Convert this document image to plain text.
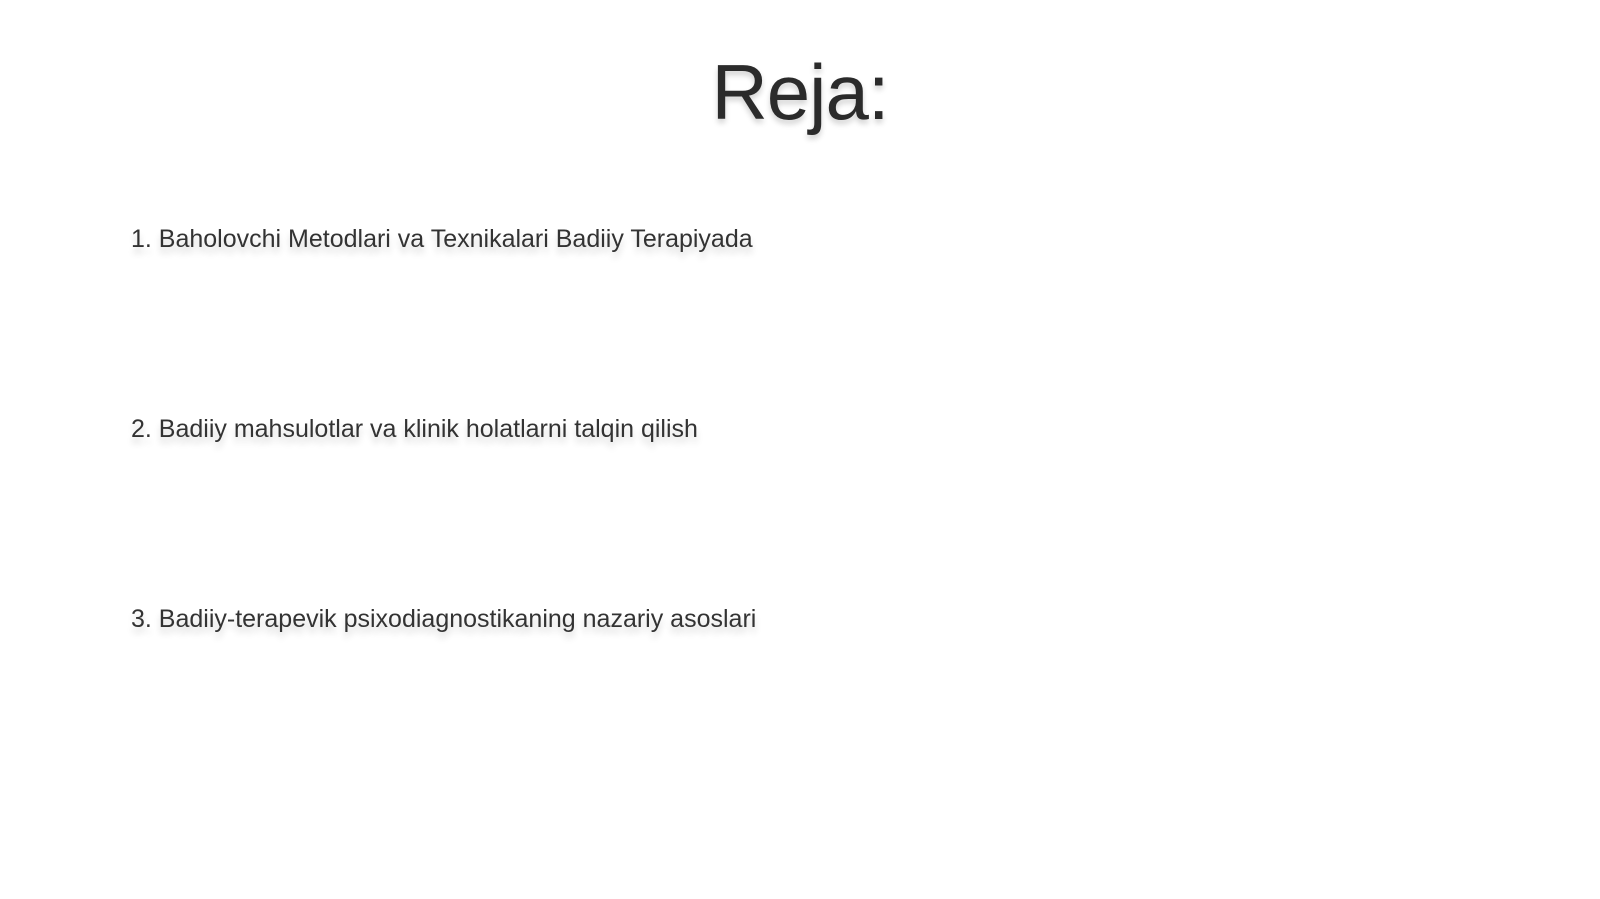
Reja:
1. Baholovchi Metodlari va Texnikalari Badiiy Terapiyada
2. Badiiy mahsulotlar va klinik holatlarni talqin qilish
3. Badiiy-terapevik psixodiagnostikaning nazariy asoslari
